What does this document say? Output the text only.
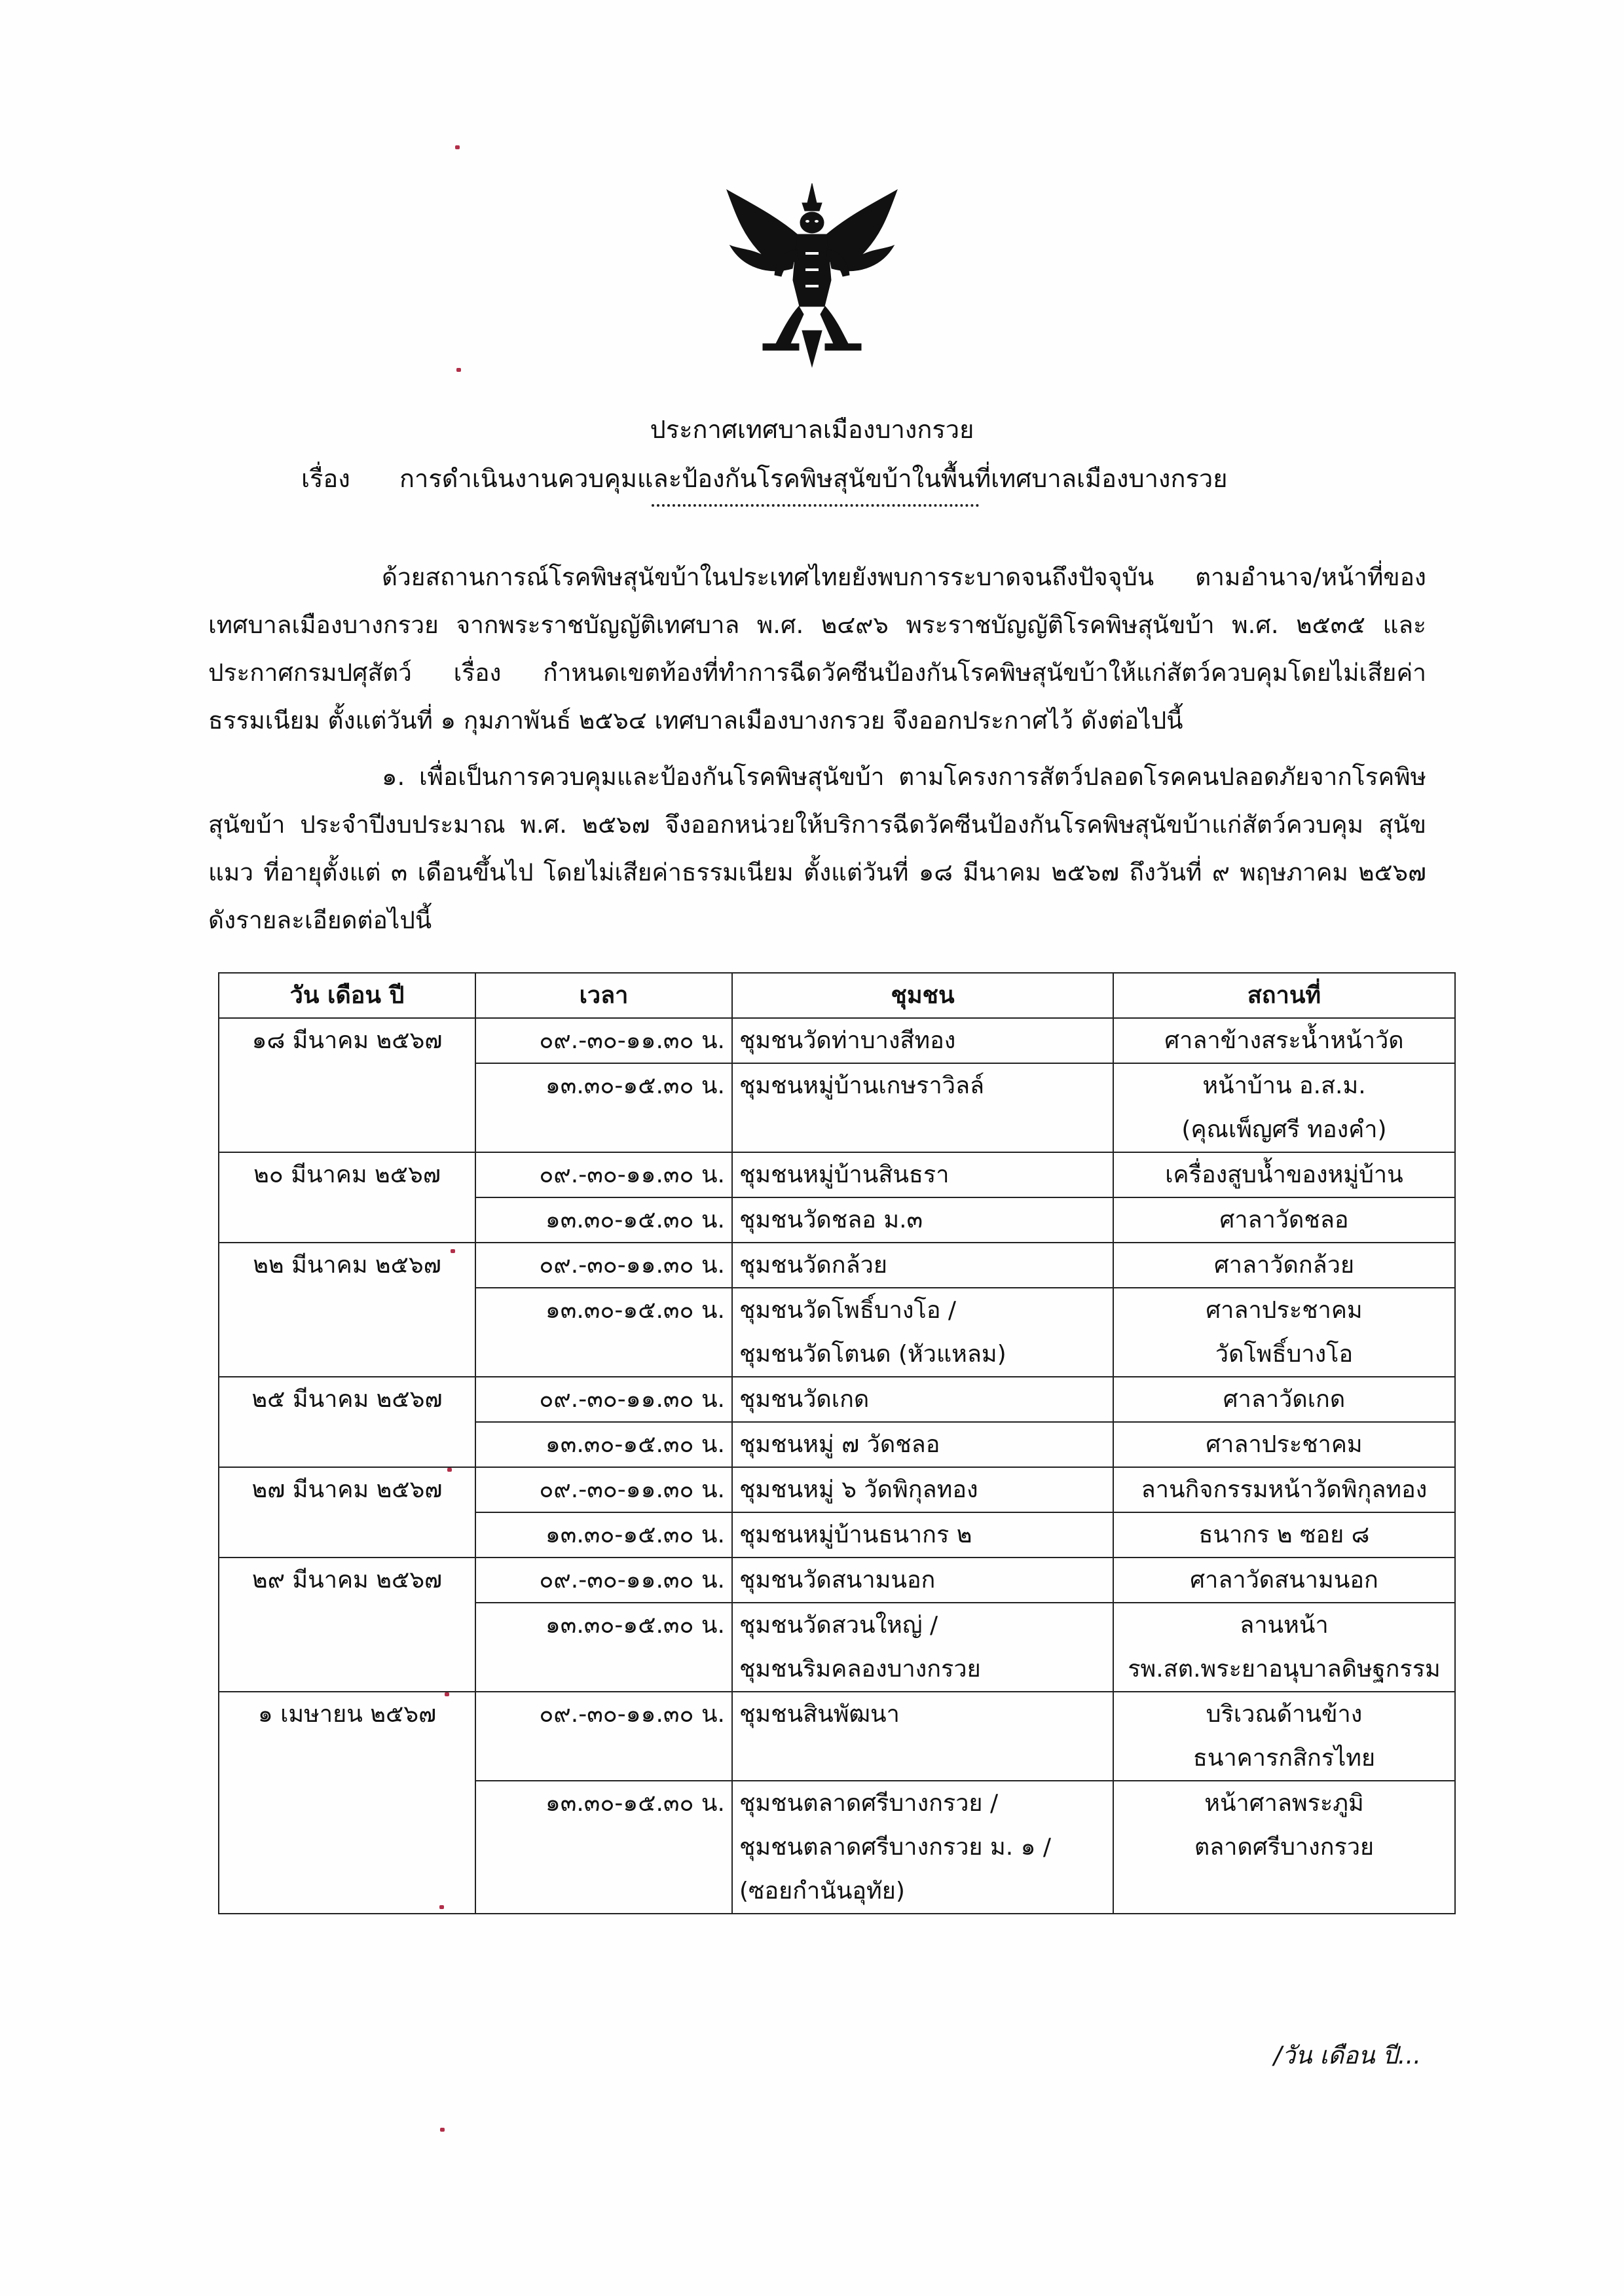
ประกาศเทศบาลเมืองบางกรวย
เรื่อง การดำเนินงานควบคุมและป้องกันโรคพิษสุนัขบ้าในพื้นที่เทศบาลเมืองบางกรวย
ด้วยสถานการณ์โรคพิษสุนัขบ้าในประเทศไทยยังพบการระบาดจนถึงปัจจุบัน ตามอำนาจ/หน้าที่ของเทศบาลเมืองบางกรวย จากพระราชบัญญัติเทศบาล พ.ศ. ๒๔๙๖ พระราชบัญญัติโรคพิษสุนัขบ้า พ.ศ. ๒๕๓๕ และประกาศกรมปศุสัตว์ เรื่อง กำหนดเขตท้องที่ทำการฉีดวัคซีนป้องกันโรคพิษสุนัขบ้าให้แก่สัตว์ควบคุมโดยไม่เสียค่าธรรมเนียม ตั้งแต่วันที่ ๑ กุมภาพันธ์ ๒๕๖๔ เทศบาลเมืองบางกรวย จึงออกประกาศไว้ ดังต่อไปนี้
๑. เพื่อเป็นการควบคุมและป้องกันโรคพิษสุนัขบ้า ตามโครงการสัตว์ปลอดโรคคนปลอดภัยจากโรคพิษสุนัขบ้า ประจำปีงบประมาณ พ.ศ. ๒๕๖๗ จึงออกหน่วยให้บริการฉีดวัคซีนป้องกันโรคพิษสุนัขบ้าแก่สัตว์ควบคุม สุนัข แมว ที่อายุตั้งแต่ ๓ เดือนขึ้นไป โดยไม่เสียค่าธรรมเนียม ตั้งแต่วันที่ ๑๘ มีนาคม ๒๕๖๗ ถึงวันที่ ๙ พฤษภาคม ๒๕๖๗ ดังรายละเอียดต่อไปนี้
วัน เดือน ปี	เวลา	ชุมชน	สถานที่
๑๘ มีนาคม ๒๕๖๗	๐๙.-๓๐-๑๑.๓๐ น.	ชุมชนวัดท่าบางสีทอง	ศาลาข้างสระน้ำหน้าวัด
	๑๓.๓๐-๑๕.๓๐ น.	ชุมชนหมู่บ้านเกษราวิลล์	หน้าบ้าน อ.ส.ม.
(คุณเพ็ญศรี ทองคำ)
๒๐ มีนาคม ๒๕๖๗	๐๙.-๓๐-๑๑.๓๐ น.	ชุมชนหมู่บ้านสินธรา	เครื่องสูบน้ำของหมู่บ้าน
	๑๓.๓๐-๑๕.๓๐ น.	ชุมชนวัดชลอ ม.๓	ศาลาวัดชลอ
๒๒ มีนาคม ๒๕๖๗	๐๙.-๓๐-๑๑.๓๐ น.	ชุมชนวัดกล้วย	ศาลาวัดกล้วย
	๑๓.๓๐-๑๕.๓๐ น.	ชุมชนวัดโพธิ์บางโอ /
ชุมชนวัดโตนด (หัวแหลม)	ศาลาประชาคม
วัดโพธิ์บางโอ
๒๕ มีนาคม ๒๕๖๗	๐๙.-๓๐-๑๑.๓๐ น.	ชุมชนวัดเกด	ศาลาวัดเกด
	๑๓.๓๐-๑๕.๓๐ น.	ชุมชนหมู่ ๗ วัดชลอ	ศาลาประชาคม
๒๗ มีนาคม ๒๕๖๗	๐๙.-๓๐-๑๑.๓๐ น.	ชุมชนหมู่ ๖ วัดพิกุลทอง	ลานกิจกรรมหน้าวัดพิกุลทอง
	๑๓.๓๐-๑๕.๓๐ น.	ชุมชนหมู่บ้านธนากร ๒	ธนากร ๒ ซอย ๘
๒๙ มีนาคม ๒๕๖๗	๐๙.-๓๐-๑๑.๓๐ น.	ชุมชนวัดสนามนอก	ศาลาวัดสนามนอก
	๑๓.๓๐-๑๕.๓๐ น.	ชุมชนวัดสวนใหญ่ /
ชุมชนริมคลองบางกรวย	ลานหน้า
รพ.สต.พระยาอนุบาลดิษฐกรรม
๑ เมษายน ๒๕๖๗	๐๙.-๓๐-๑๑.๓๐ น.	ชุมชนสินพัฒนา	บริเวณด้านข้าง
ธนาคารกสิกรไทย
	๑๓.๓๐-๑๕.๓๐ น.	ชุมชนตลาดศรีบางกรวย /
ชุมชนตลาดศรีบางกรวย ม. ๑ /
(ซอยกำนันอุทัย)	หน้าศาลพระภูมิ
ตลาดศรีบางกรวย
/วัน เดือน ปี...
